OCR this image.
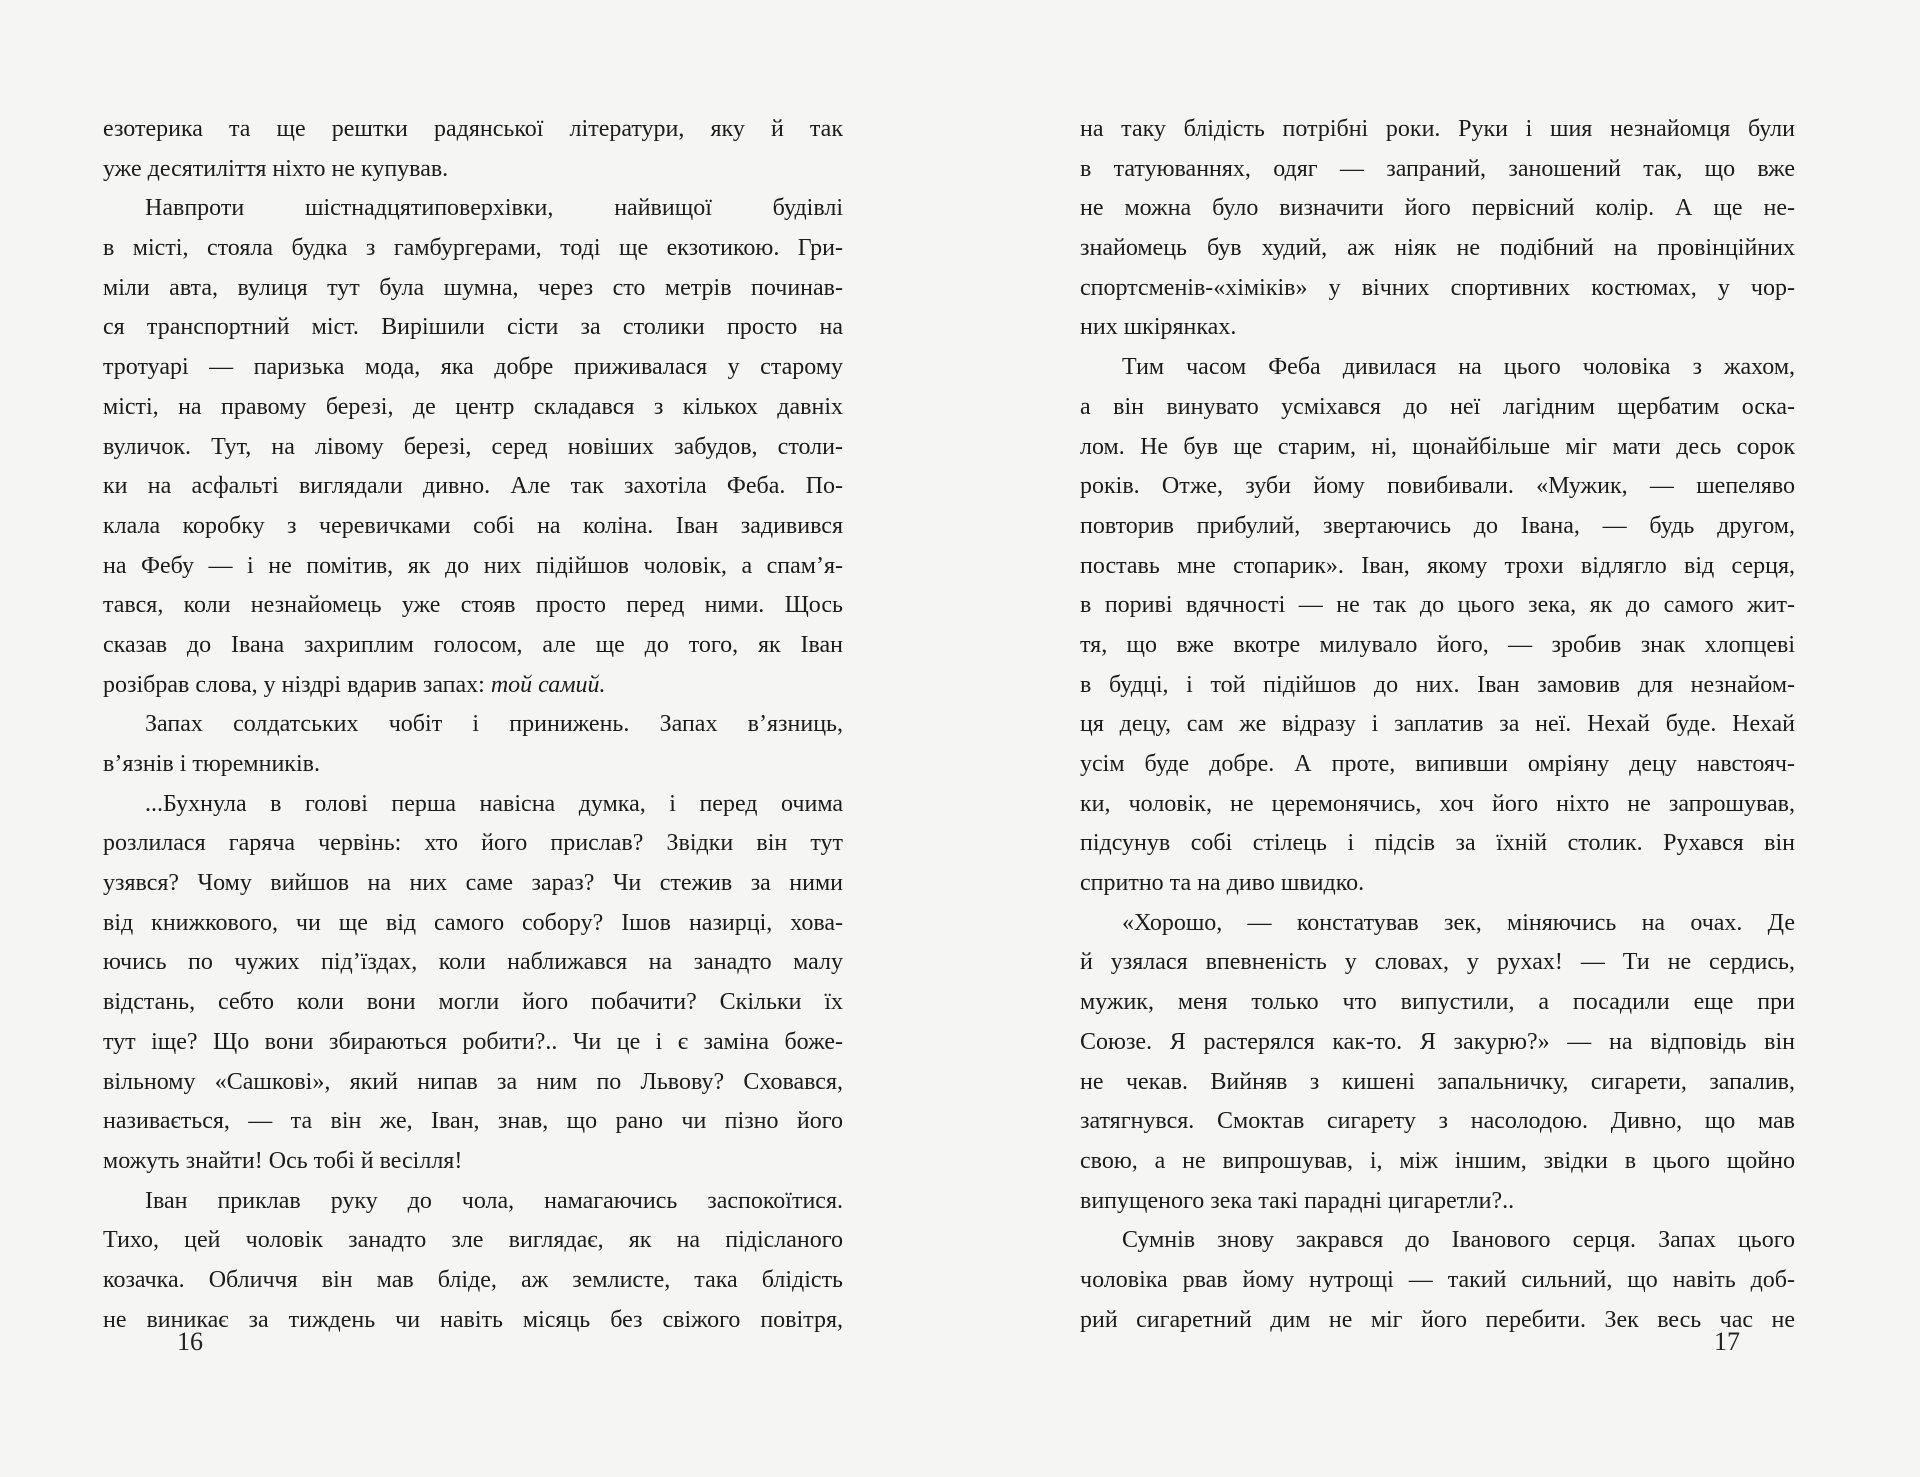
езотерика та ще рештки радянської літератури, яку й так
уже десятиліття ніхто не купував.
Навпроти шістнадцятиповерхівки, найвищої будівлі
в місті, стояла будка з гамбургерами, тоді ще екзотикою. Гри-
міли авта, вулиця тут була шумна, через сто метрів починав-
ся транспортний міст. Вирішили сісти за столики просто на
тротуарі — паризька мода, яка добре приживалася у старому
місті, на правому березі, де центр складався з кількох давніх
вуличок. Тут, на лівому березі, серед новіших забудов, столи-
ки на асфальті виглядали дивно. Але так захотіла Феба. По-
клала коробку з черевичками собі на коліна. Іван задивився
на Фебу — і не помітив, як до них підійшов чоловік, а спам’я-
тався, коли незнайомець уже стояв просто перед ними. Щось
сказав до Івана захриплим голосом, але ще до того, як Іван
розібрав слова, у ніздрі вдарив запах: той самий.
Запах солдатських чобіт і принижень. Запах в’язниць,
в’язнів і тюремників.
...Бухнула в голові перша навісна думка, і перед очима
розлилася гаряча червінь: хто його прислав? Звідки він тут
узявся? Чому вийшов на них саме зараз? Чи стежив за ними
від книжкового, чи ще від самого собору? Ішов назирці, хова-
ючись по чужих під’їздах, коли наближався на занадто малу
відстань, себто коли вони могли його побачити? Скільки їх
тут іще? Що вони збираються робити?.. Чи це і є заміна боже-
вільному «Сашкові», який нипав за ним по Львову? Сховався,
називається, — та він же, Іван, знав, що рано чи пізно його
можуть знайти! Ось тобі й весілля!
Іван приклав руку до чола, намагаючись заспокоїтися.
Тихо, цей чоловік занадто зле виглядає, як на підісланого
козачка. Обличчя він мав бліде, аж землисте, така блідість
не виникає за тиждень чи навіть місяць без свіжого повітря,
16
на таку блідість потрібні роки. Руки і шия незнайомця були
в татуюваннях, одяг — запраний, заношений так, що вже
не можна було визначити його первісний колір. А ще не-
знайомець був худий, аж ніяк не подібний на провінційних
спортсменів-«хіміків» у вічних спортивних костюмах, у чор-
них шкірянках.
Тим часом Феба дивилася на цього чоловіка з жахом,
а він винувато усміхався до неї лагідним щербатим оска-
лом. Не був ще старим, ні, щонайбільше міг мати десь сорок
років. Отже, зуби йому повибивали. «Мужик, — шепеляво
повторив прибулий, звертаючись до Івана, — будь другом,
поставь мне стопарик». Іван, якому трохи відлягло від серця,
в пориві вдячності — не так до цього зека, як до самого жит-
тя, що вже вкотре милувало його, — зробив знак хлопцеві
в будці, і той підійшов до них. Іван замовив для незнайом-
ця децу, сам же відразу і заплатив за неї. Нехай буде. Нехай
усім буде добре. А проте, випивши омріяну децу навстояч-
ки, чоловік, не церемонячись, хоч його ніхто не запрошував,
підсунув собі стілець і підсів за їхній столик. Рухався він
спритно та на диво швидко.
«Хорошо, — констатував зек, міняючись на очах. Де
й узялася впевненість у словах, у рухах! — Ти не сердись,
мужик, меня только что випустили, а посадили еще при
Союзе. Я растерялся как-то. Я закурю?» — на відповідь він
не чекав. Вийняв з кишені запальничку, сигарети, запалив,
затягнувся. Смоктав сигарету з насолодою. Дивно, що мав
свою, а не випрошував, і, між іншим, звідки в цього щойно
випущеного зека такі парадні цигаретли?..
Сумнів знову закрався до Іванового серця. Запах цього
чоловіка рвав йому нутрощі — такий сильний, що навіть доб-
рий сигаретний дим не міг його перебити. Зек весь час не
17
